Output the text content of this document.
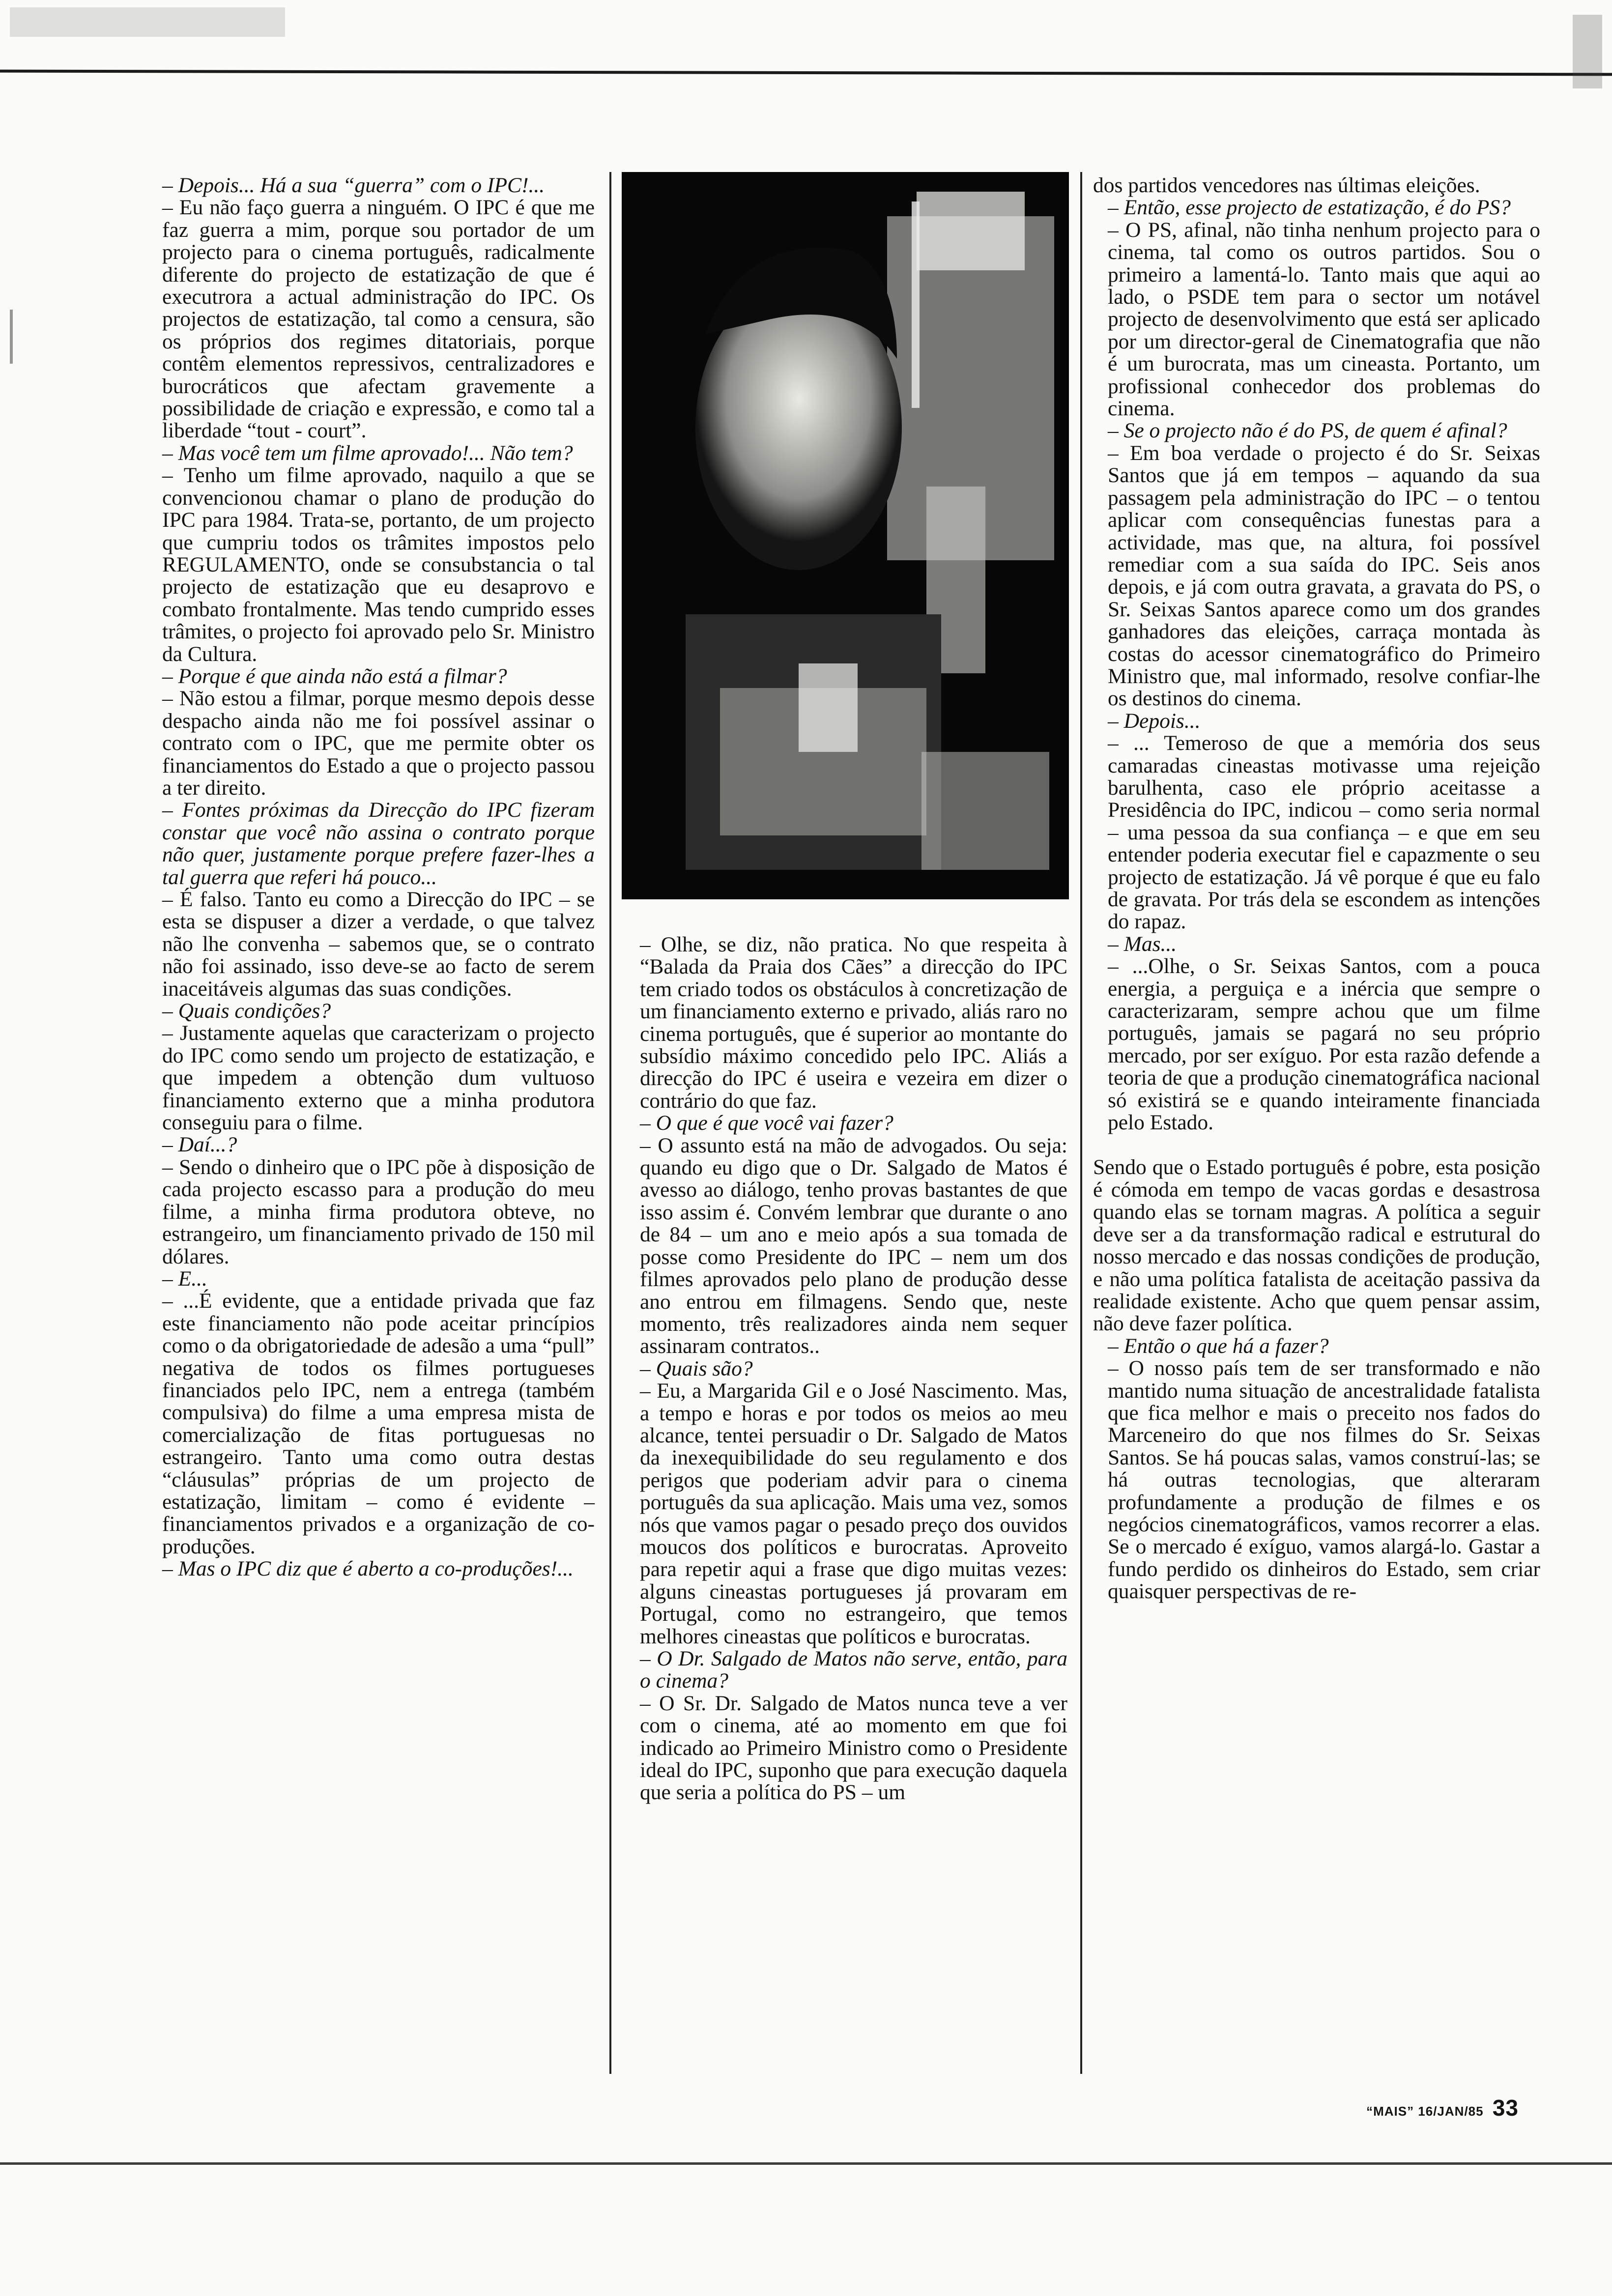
– Depois... Há a sua “guerra” com o IPC!...

– Eu não faço guerra a ninguém. O IPC é que me faz guerra a mim, porque sou portador de um projecto para o cinema português, radicalmente diferente do projecto de estatização de que é executrora a actual administração do IPC. Os projectos de estatização, tal como a censura, são os próprios dos regimes ditatoriais, porque contêm elementos repressivos, centralizadores e burocráticos que afectam gravemente a possibilidade de criação e expressão, e como tal a liberdade “tout - court”.

– Mas você tem um filme aprovado!... Não tem?

– Tenho um filme aprovado, naquilo a que se convencionou chamar o plano de produção do IPC para 1984. Trata-se, portanto, de um projecto que cumpriu todos os trâmites impostos pelo REGULAMENTO, onde se consubstancia o tal projecto de estatização que eu desaprovo e combato frontalmente. Mas tendo cumprido esses trâmites, o projecto foi aprovado pelo Sr. Ministro da Cultura.

– Porque é que ainda não está a filmar?

– Não estou a filmar, porque mesmo depois desse despacho ainda não me foi possível assinar o contrato com o IPC, que me permite obter os financiamentos do Estado a que o projecto passou a ter direito.

– Fontes próximas da Direcção do IPC fizeram constar que você não assina o contrato porque não quer, justamente porque prefere fazer-lhes a tal guerra que referi há pouco...

– É falso. Tanto eu como a Direcção do IPC – se esta se dispuser a dizer a verdade, o que talvez não lhe convenha – sabemos que, se o contrato não foi assinado, isso deve-se ao facto de serem inaceitáveis algumas das suas condições.

– Quais condições?

– Justamente aquelas que caracterizam o projecto do IPC como sendo um projecto de estatização, e que impedem a obtenção dum vultuoso financiamento externo que a minha produtora conseguiu para o filme.

– Daí...?

– Sendo o dinheiro que o IPC põe à disposição de cada projecto escasso para a produção do meu filme, a minha firma produtora obteve, no estrangeiro, um financiamento privado de 150 mil dólares.

– E...

– ...É evidente, que a entidade privada que faz este financiamento não pode aceitar princípios como o da obrigatoriedade de adesão a uma “pull” negativa de todos os filmes portugueses financiados pelo IPC, nem a entrega (também compulsiva) do filme a uma empresa mista de comercialização de fitas portuguesas no estrangeiro. Tanto uma como outra destas “cláusulas” próprias de um projecto de estatização, limitam – como é evidente – financiamentos privados e a organização de co-produções.

– Mas o IPC diz que é aberto a co-produções!...

– Olhe, se diz, não pratica. No que respeita à “Balada da Praia dos Cães” a direcção do IPC tem criado todos os obstáculos à concretização de um financiamento externo e privado, aliás raro no cinema português, que é superior ao montante do subsídio máximo concedido pelo IPC. Aliás a direcção do IPC é useira e vezeira em dizer o contrário do que faz.

– O que é que você vai fazer?

– O assunto está na mão de advogados. Ou seja: quando eu digo que o Dr. Salgado de Matos é avesso ao diálogo, tenho provas bastantes de que isso assim é. Convém lembrar que durante o ano de 84 – um ano e meio após a sua tomada de posse como Presidente do IPC – nem um dos filmes aprovados pelo plano de produção desse ano entrou em filmagens. Sendo que, neste momento, três realizadores ainda nem sequer assinaram contratos..

– Quais são?

– Eu, a Margarida Gil e o José Nascimento. Mas, a tempo e horas e por todos os meios ao meu alcance, tentei persuadir o Dr. Salgado de Matos da inexequibilidade do seu regulamento e dos perigos que poderiam advir para o cinema português da sua aplicação. Mais uma vez, somos nós que vamos pagar o pesado preço dos ouvidos moucos dos políticos e burocratas. Aproveito para repetir aqui a frase que digo muitas vezes: alguns cineastas portugueses já provaram em Portugal, como no estrangeiro, que temos melhores cineastas que políticos e burocratas.

– O Dr. Salgado de Matos não serve, então, para o cinema?

– O Sr. Dr. Salgado de Matos nunca teve a ver com o cinema, até ao momento em que foi indicado ao Primeiro Ministro como o Presidente ideal do IPC, suponho que para execução daquela que seria a política do PS – um

dos partidos vencedores nas últimas eleições.

– Então, esse projecto de estatização, é do PS?

– O PS, afinal, não tinha nenhum projecto para o cinema, tal como os outros partidos. Sou o primeiro a lamentá-lo. Tanto mais que aqui ao lado, o PSDE tem para o sector um notável projecto de desenvolvimento que está ser aplicado por um director-geral de Cinematografia que não é um burocrata, mas um cineasta. Portanto, um profissional conhecedor dos problemas do cinema.

– Se o projecto não é do PS, de quem é afinal?

– Em boa verdade o projecto é do Sr. Seixas Santos que já em tempos – aquando da sua passagem pela administração do IPC – o tentou aplicar com consequências funestas para a actividade, mas que, na altura, foi possível remediar com a sua saída do IPC. Seis anos depois, e já com outra gravata, a gravata do PS, o Sr. Seixas Santos aparece como um dos grandes ganhadores das eleições, carraça montada às costas do acessor cinematográfico do Primeiro Ministro que, mal informado, resolve confiar-lhe os destinos do cinema.

– Depois...

– ... Temeroso de que a memória dos seus camaradas cineastas motivasse uma rejeição barulhenta, caso ele próprio aceitasse a Presidência do IPC, indicou – como seria normal – uma pessoa da sua confiança – e que em seu entender poderia executar fiel e capazmente o seu projecto de estatização. Já vê porque é que eu falo de gravata. Por trás dela se escondem as intenções do rapaz.

– Mas...

– ...Olhe, o Sr. Seixas Santos, com a pouca energia, a perguiça e a inércia que sempre o caracterizaram, sempre achou que um filme português, jamais se pagará no seu próprio mercado, por ser exíguo. Por esta razão defende a teoria de que a produção cinematográfica nacional só existirá se e quando inteiramente financiada pelo Estado.

Sendo que o Estado português é pobre, esta posição é cómoda em tempo de vacas gordas e desastrosa quando elas se tornam magras. A política a seguir deve ser a da transformação radical e estrutural do nosso mercado e das nossas condições de produção, e não uma política fatalista de aceitação passiva da realidade existente. Acho que quem pensar assim, não deve fazer política.

– Então o que há a fazer?

– O nosso país tem de ser transformado e não mantido numa situação de ancestralidade fatalista que fica melhor e mais o preceito nos fados do Marceneiro do que nos filmes do Sr. Seixas Santos. Se há poucas salas, vamos construí-las; se há outras tecnologias, que alteraram profundamente a produção de filmes e os negócios cinematográficos, vamos recorrer a elas. Se o mercado é exíguo, vamos alargá-lo. Gastar a fundo perdido os dinheiros do Estado, sem criar quaisquer perspectivas de re-

“MAIS” 16/JAN/85 33
